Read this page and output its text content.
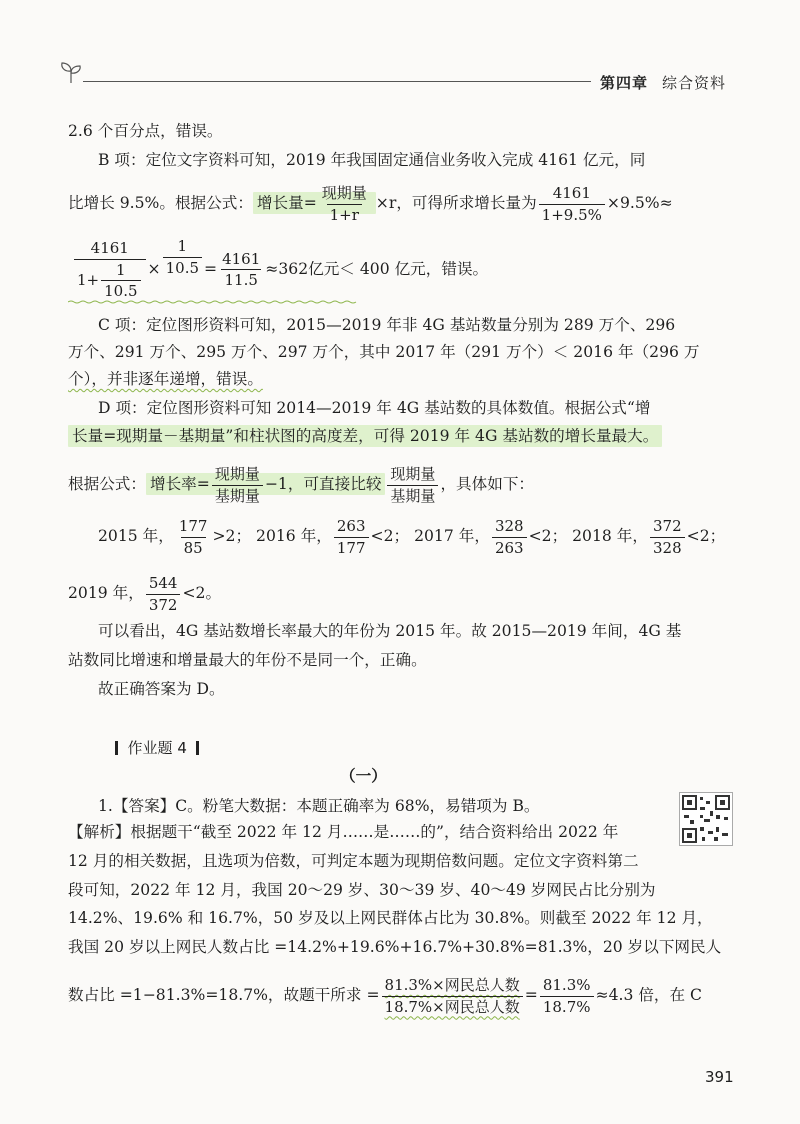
第四章 综合资料
2.6 个百分点，错误。
B 项：定位文字资料可知，2019 年我国固定通信业务收入完成 4161 亿元，同
比增长 9.5%。根据公式： 增长量= $\frac{\text{现期量}}{1+r} \times r$，可得所求增长量为 $\frac{4161}{1+9.5\%} \times 9.5\%\approx$
$\frac{4161}{1+ \frac{1}{10.5}} \times \frac{1}{10.5} = \frac{4161}{11.5} \approx 362$亿元＜ 400 亿元，错误。
C 项：定位图形资料可知，2015—2019 年非 4G 基站数量分别为 289 万个、296
万个、291 万个、295 万个、297 万个，其中 2017 年（291 万个）＜ 2016 年（296 万
个），并非逐年递增，错误。
D 项：定位图形资料可知 2014—2019 年 4G 基站数的具体数值。根据公式“增
长量=现期量－基期量”和柱状图的高度差，可得 2019 年 4G 基站数的增长量最大。
根据公式： 增长率= $\frac{\text{现期量}}{\text{基期量}} -1$，可直接比较 $\frac{\text{现期量}}{\text{基期量}}$ ，具体如下：
2015 年， $\frac{177}{85} >2$； 2016 年， $\frac{263}{177} <2$； 2017 年， $\frac{328}{263} <2$； 2018 年， $\frac{372}{328} <2$；
2019 年， $\frac{544}{372} <2$。
可以看出，4G 基站数增长率最大的年份为 2015 年。故 2015—2019 年间，4G 基
站数同比增速和增量最大的年份不是同一个，正确。
故正确答案为 D。
作业题 4
（一）
1.【答案】C。粉笔大数据：本题正确率为 68%，易错项为 B。
【解析】根据题干“截至 2022 年 12 月……是……的”，结合资料给出 2022 年
12 月的相关数据，且选项为倍数，可判定本题为现期倍数问题。定位文字资料第二
段可知，2022 年 12 月，我国 20～29 岁、30～39 岁、40～49 岁网民占比分别为
14.2%、19.6% 和 16.7%，50 岁及以上网民群体占比为 30.8%。则截至 2022 年 12 月，
我国 20 岁以上网民人数占比 =14.2%+19.6%+16.7%+30.8%=81.3%，20 岁以下网民人
数占比 =1−81.3%=18.7%，故题干所求 = $\frac{\text{81.3\%×网民总人数}}{\text{18.7\%×网民总人数}} = \frac{81.3\%}{18.7\%} \approx 4.3$ 倍，在 C
391
